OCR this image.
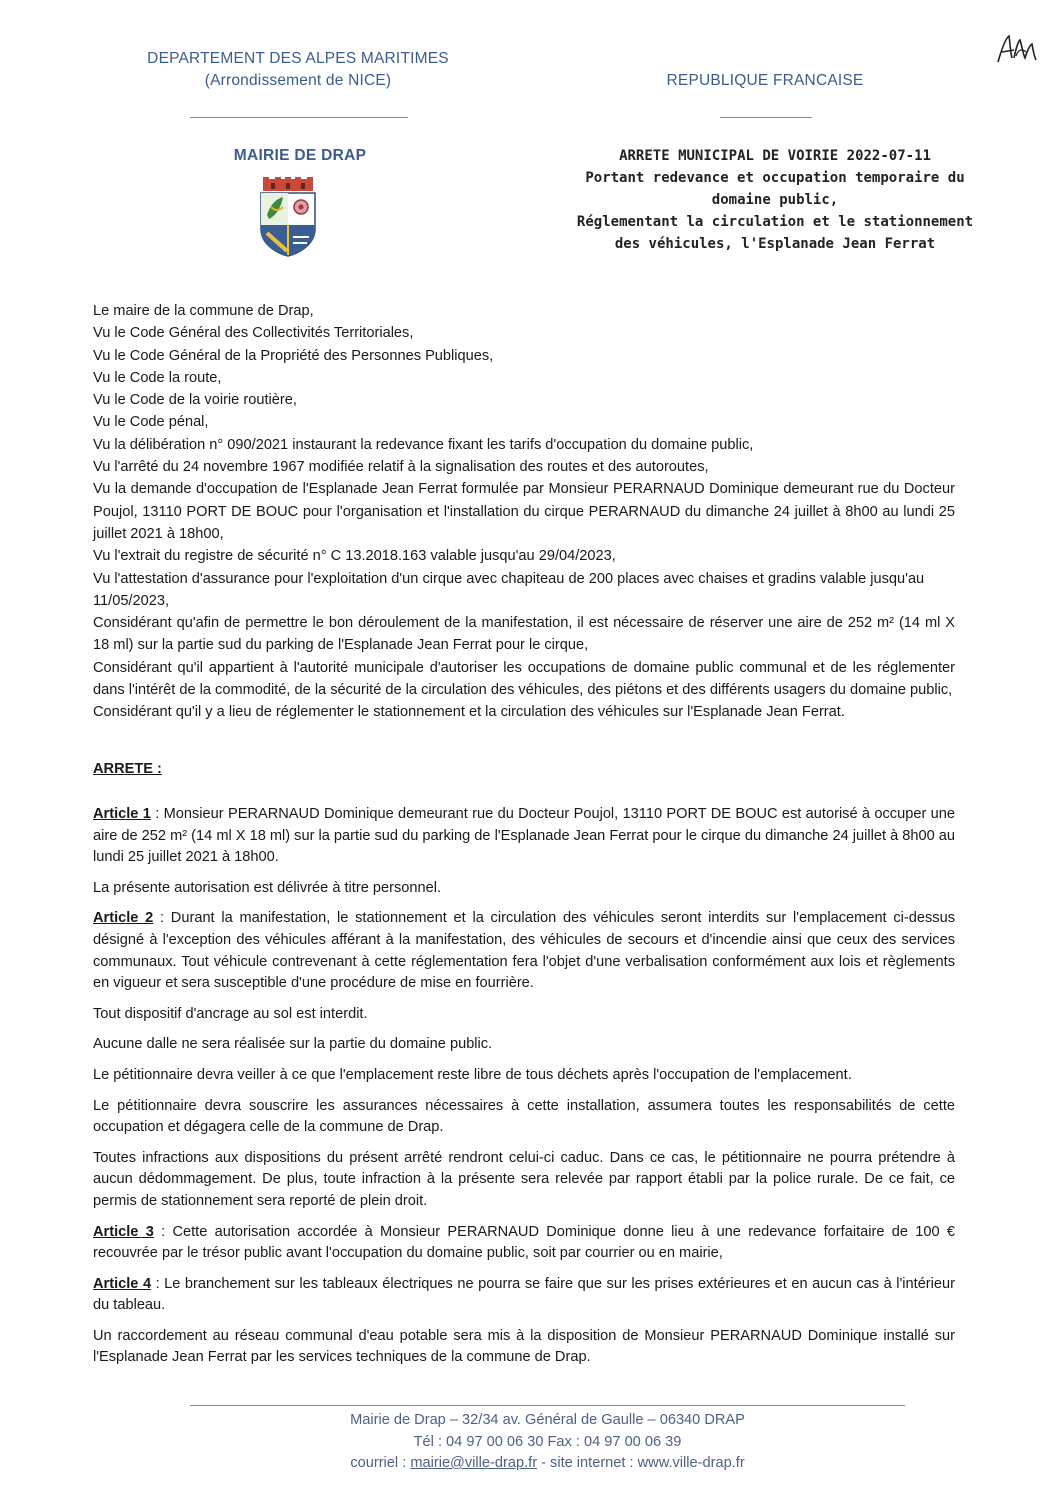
DEPARTEMENT DES ALPES MARITIMES
(Arrondissement de NICE)	REPUBLIQUE FRANCAISE
MAIRIE DE DRAP	ARRETE MUNICIPAL DE VOIRIE 2022-07-11
Portant redevance et occupation temporaire du
domaine public,
Réglementant la circulation et le stationnement
des véhicules, l'Esplanade Jean Ferrat

Le maire de la commune de Drap,

Vu le Code Général des Collectivités Territoriales,

Vu le Code Général de la Propriété des Personnes Publiques,

Vu le Code la route,

Vu le Code de la voirie routière,

Vu le Code pénal,

Vu la délibération n° 090/2021 instaurant la redevance fixant les tarifs d'occupation du domaine public,

Vu l'arrêté du 24 novembre 1967 modifiée relatif à la signalisation des routes et des autoroutes,

Vu la demande d'occupation de l'Esplanade Jean Ferrat formulée par Monsieur PERARNAUD Dominique demeurant rue du Docteur Poujol, 13110 PORT DE BOUC pour l'organisation et l'installation du cirque PERARNAUD du dimanche 24 juillet à 8h00 au lundi 25 juillet 2021 à 18h00,

Vu l'extrait du registre de sécurité n° C 13.2018.163 valable jusqu'au 29/04/2023,

Vu l'attestation d'assurance pour l'exploitation d'un cirque avec chapiteau de 200 places avec chaises et gradins valable jusqu'au 11/05/2023,

Considérant qu'afin de permettre le bon déroulement de la manifestation, il est nécessaire de réserver une aire de 252 m² (14 ml X 18 ml) sur la partie sud du parking de l'Esplanade Jean Ferrat pour le cirque,

Considérant qu'il appartient à l'autorité municipale d'autoriser les occupations de domaine public communal et de les réglementer dans l'intérêt de la commodité, de la sécurité de la circulation des véhicules, des piétons et des différents usagers du domaine public,

Considérant qu'il y a lieu de réglementer le stationnement et la circulation des véhicules sur l'Esplanade Jean Ferrat.

ARRETE :

Article 1 : Monsieur PERARNAUD Dominique demeurant rue du Docteur Poujol, 13110 PORT DE BOUC est autorisé à occuper une aire de 252 m² (14 ml X 18 ml) sur la partie sud du parking de l'Esplanade Jean Ferrat pour le cirque du dimanche 24 juillet à 8h00 au lundi 25 juillet 2021 à 18h00.

La présente autorisation est délivrée à titre personnel.

Article 2 : Durant la manifestation, le stationnement et la circulation des véhicules seront interdits sur l'emplacement ci-dessus désigné à l'exception des véhicules afférant à la manifestation, des véhicules de secours et d'incendie ainsi que ceux des services communaux. Tout véhicule contrevenant à cette réglementation fera l'objet d'une verbalisation conformément aux lois et règlements en vigueur et sera susceptible d'une procédure de mise en fourrière.

Tout dispositif d'ancrage au sol est interdit.

Aucune dalle ne sera réalisée sur la partie du domaine public.

Le pétitionnaire devra veiller à ce que l'emplacement reste libre de tous déchets après l'occupation de l'emplacement.

Le pétitionnaire devra souscrire les assurances nécessaires à cette installation, assumera toutes les responsabilités de cette occupation et dégagera celle de la commune de Drap.

Toutes infractions aux dispositions du présent arrêté rendront celui-ci caduc. Dans ce cas, le pétitionnaire ne pourra prétendre à aucun dédommagement. De plus, toute infraction à la présente sera relevée par rapport établi par la police rurale. De ce fait, ce permis de stationnement sera reporté de plein droit.

Article 3 : Cette autorisation accordée à Monsieur PERARNAUD Dominique donne lieu à une redevance forfaitaire de 100 € recouvrée par le trésor public avant l'occupation du domaine public, soit par courrier ou en mairie,

Article 4 : Le branchement sur les tableaux électriques ne pourra se faire que sur les prises extérieures et en aucun cas à l'intérieur du tableau.

Un raccordement au réseau communal d'eau potable sera mis à la disposition de Monsieur PERARNAUD Dominique installé sur l'Esplanade Jean Ferrat par les services techniques de la commune de Drap.

Mairie de Drap – 32/34 av. Général de Gaulle – 06340 DRAP
Tél : 04 97 00 06 30 Fax : 04 97 00 06 39
courriel : mairie@ville-drap.fr - site internet : www.ville-drap.fr
